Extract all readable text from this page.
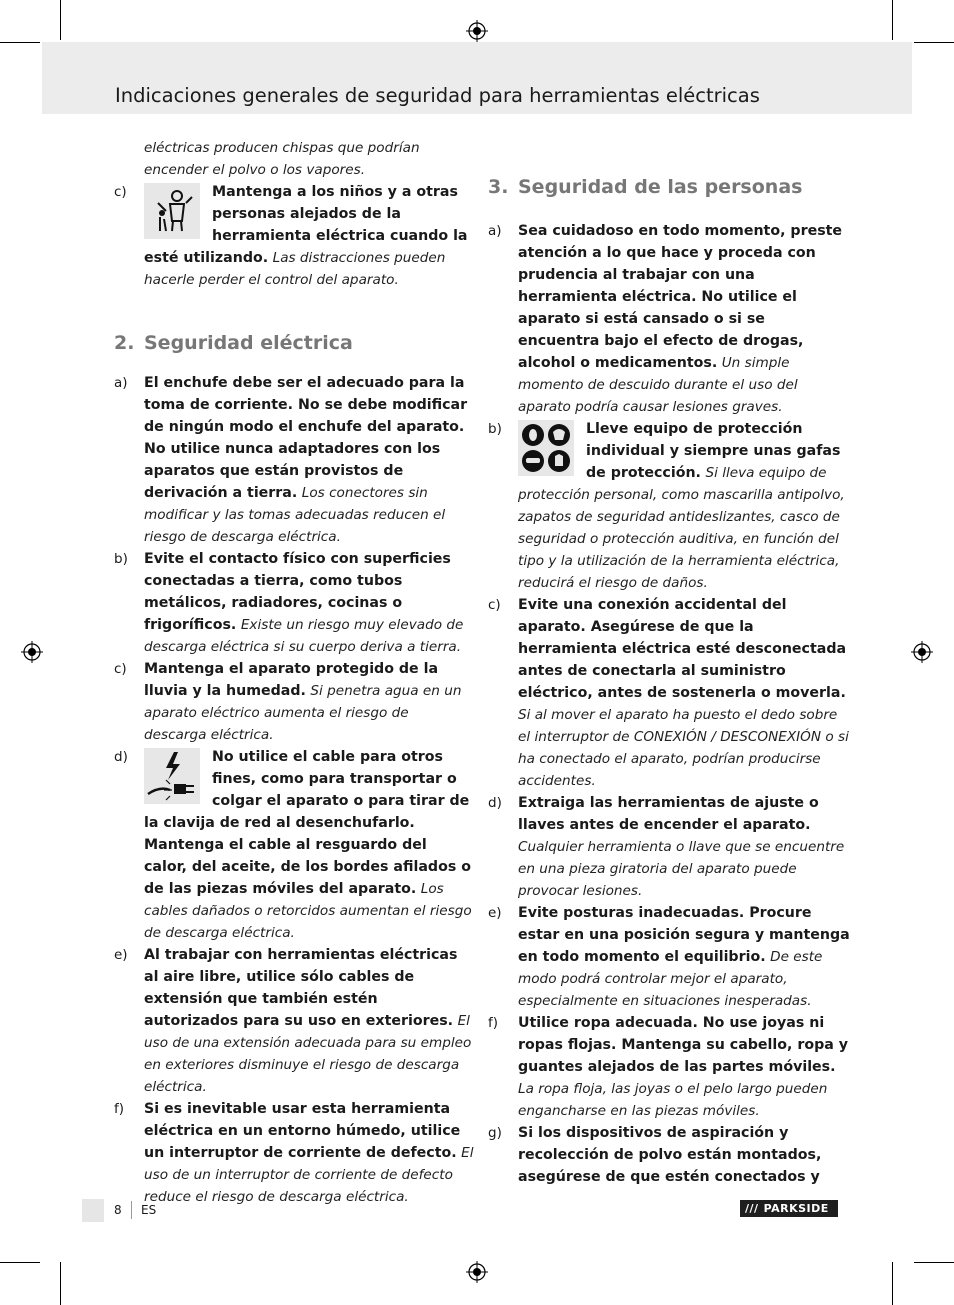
Indicaciones generales de seguridad para herramientas eléctricas

eléctricas producen chispas que podrían encender el polvo o los vapores.

c)	Mantenga a los niños y a otras personas alejados de la herramienta eléctrica cuando la esté utilizando. Las distracciones pueden hacerle perder el control del aparato.
2. Seguridad eléctrica
a) El enchufe debe ser el adecuado para la toma de corriente. No se debe modificar de ningún modo el enchufe del aparato. No utilice nunca adaptadores con los aparatos que están provistos de derivación a tierra. Los conectores sin modificar y las tomas adecuadas reducen el riesgo de descarga eléctrica.
b) Evite el contacto físico con superficies conectadas a tierra, como tubos metálicos, radiadores, cocinas o frigoríficos. Existe un riesgo muy elevado de descarga eléctrica si su cuerpo deriva a tierra.
c) Mantenga el aparato protegido de la lluvia y la humedad. Si penetra agua en un aparato eléctrico aumenta el riesgo de descarga eléctrica.
d)	No utilice el cable para otros fines, como para transportar o colgar el aparato o para tirar de la clavija de red al desenchufarlo. Mantenga el cable al resguardo del calor, del aceite, de los bordes afilados o de las piezas móviles del aparato. Los cables dañados o retorcidos aumentan el riesgo de descarga eléctrica.
e) Al trabajar con herramientas eléctricas al aire libre, utilice sólo cables de extensión que también estén autorizados para su uso en exteriores. El uso de una extensión adecuada para su empleo en exteriores disminuye el riesgo de descarga eléctrica.
f) Si es inevitable usar esta herramienta eléctrica en un entorno húmedo, utilice un interruptor de corriente de defecto. El uso de un interruptor de corriente de defecto reduce el riesgo de descarga eléctrica.
3. Seguridad de las personas
a) Sea cuidadoso en todo momento, preste atención a lo que hace y proceda con prudencia al trabajar con una herramienta eléctrica. No utilice el aparato si está cansado o si se encuentra bajo el efecto de drogas, alcohol o medicamentos. Un simple momento de descuido durante el uso del aparato podría causar lesiones graves.
b)	Lleve equipo de protección individual y siempre unas gafas de protección. Si lleva equipo de protección personal, como mascarilla antipolvo, zapatos de seguridad antideslizantes, casco de seguridad o protección auditiva, en función del tipo y la utilización de la herramienta eléctrica, reducirá el riesgo de daños.
c) Evite una conexión accidental del aparato. Asegúrese de que la herramienta eléctrica esté desconectada antes de conectarla al suministro eléctrico, antes de sostenerla o moverla. Si al mover el aparato ha puesto el dedo sobre el interruptor de CONEXIÓN / DESCONEXIÓN o si ha conectado el aparato, podrían producirse accidentes.
d) Extraiga las herramientas de ajuste o llaves antes de encender el aparato. Cualquier herramienta o llave que se encuentre en una pieza giratoria del aparato puede provocar lesiones.
e) Evite posturas inadecuadas. Procure estar en una posición segura y mantenga en todo momento el equilibrio. De este modo podrá controlar mejor el aparato, especialmente en situaciones inesperadas.
f) Utilice ropa adecuada. No use joyas ni ropas flojas. Mantenga su cabello, ropa y guantes alejados de las partes móviles. La ropa floja, las joyas o el pelo largo pueden engancharse en las piezas móviles.
g) Si los dispositivos de aspiración y recolección de polvo están montados, asegúrese de que estén conectados y
8 ES	/// PARKSIDE
